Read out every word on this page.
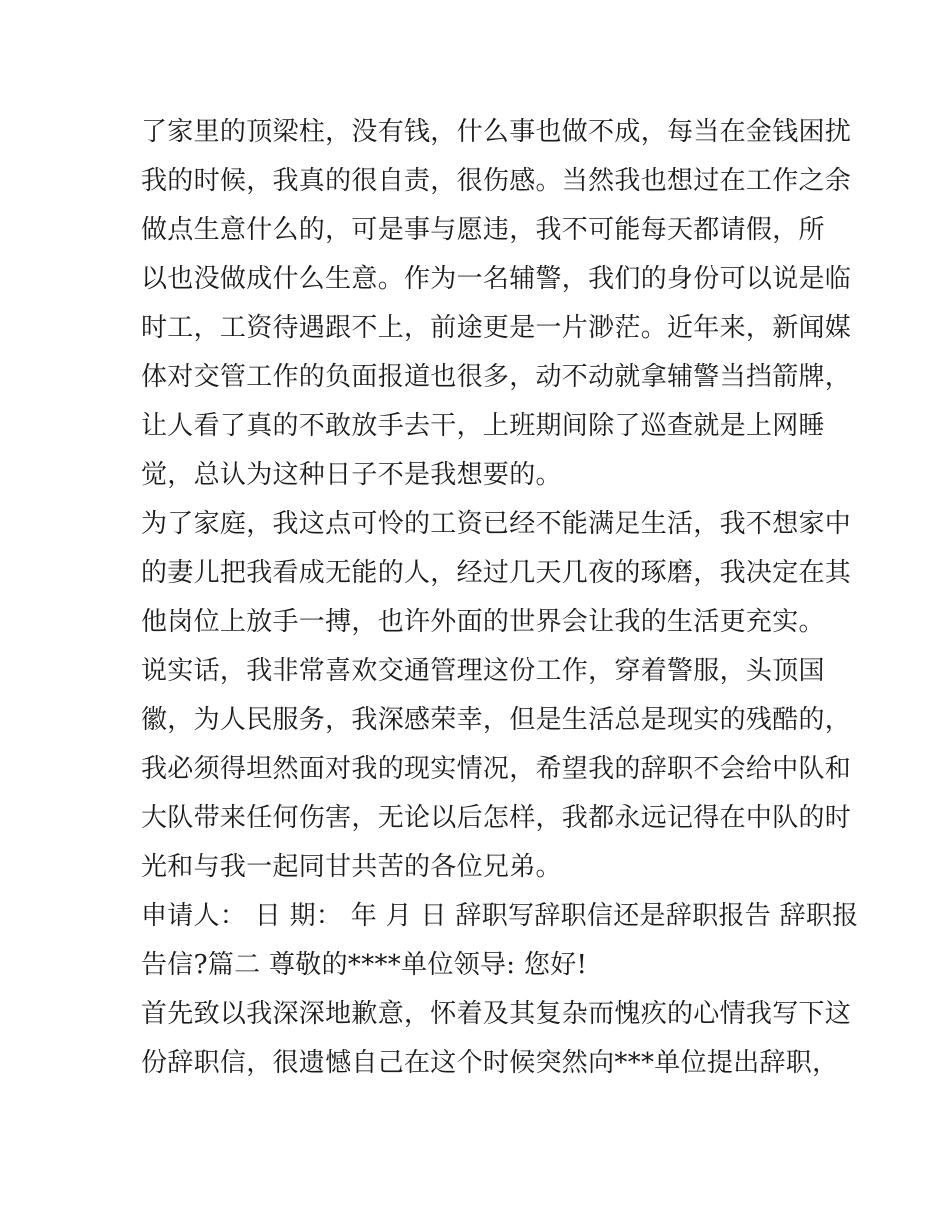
了家里的顶梁柱，没有钱，什么事也做不成，每当在金钱困扰
我的时候，我真的很自责，很伤感。当然我也想过在工作之余
做点生意什么的，可是事与愿违，我不可能每天都请假，所
以也没做成什么生意。作为一名辅警，我们的身份可以说是临
时工，工资待遇跟不上，前途更是一片渺茫。近年来，新闻媒
体对交管工作的负面报道也很多，动不动就拿辅警当挡箭牌，
让人看了真的不敢放手去干，上班期间除了巡查就是上网睡
觉，总认为这种日子不是我想要的。
为了家庭，我这点可怜的工资已经不能满足生活，我不想家中
的妻儿把我看成无能的人，经过几天几夜的琢磨，我决定在其
他岗位上放手一搏，也许外面的世界会让我的生活更充实。
说实话，我非常喜欢交通管理这份工作，穿着警服，头顶国
徽，为人民服务，我深感荣幸，但是生活总是现实的残酷的，
我必须得坦然面对我的现实情况，希望我的辞职不会给中队和
大队带来任何伤害，无论以后怎样，我都永远记得在中队的时
光和与我一起同甘共苦的各位兄弟。
申请人： 日 期： 年 月 日 辞职写辞职信还是辞职报告 辞职报
告信?篇二 尊敬的****单位领导: 您好!
首先致以我深深地歉意，怀着及其复杂而愧疚的心情我写下这
份辞职信，很遗憾自己在这个时候突然向***单位提出辞职，
